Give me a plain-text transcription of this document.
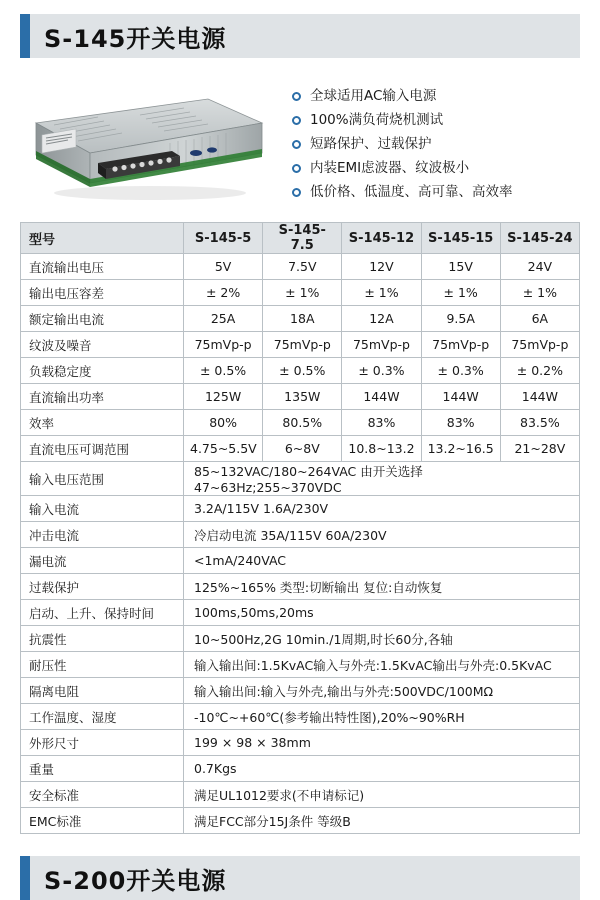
S-145开关电源
全球适用AC输入电源
100%满负荷烧机测试
短路保护、过载保护
内装EMI虑波器、纹波极小
低价格、低温度、高可靠、高效率
型号	S-145-5	S-145-7.5	S-145-12	S-145-15	S-145-24
直流输出电压	5V	7.5V	12V	15V	24V
输出电压容差	± 2%	± 1%	± 1%	± 1%	± 1%
额定输出电流	25A	18A	12A	9.5A	6A
纹波及噪音	75mVp-p	75mVp-p	75mVp-p	75mVp-p	75mVp-p
负载稳定度	± 0.5%	± 0.5%	± 0.3%	± 0.3%	± 0.2%
直流输出功率	125W	135W	144W	144W	144W
效率	80%	80.5%	83%	83%	83.5%
直流电压可调范围	4.75~5.5V	6~8V	10.8~13.2	13.2~16.5	21~28V
输入电压范围	85~132VAC/180~264VAC 由开关选择 47~63Hz;255~370VDC				
输入电流	3.2A/115V 1.6A/230V				
冲击电流	冷启动电流 35A/115V 60A/230V				
漏电流	<1mA/240VAC				
过载保护	125%~165% 类型:切断输出 复位:自动恢复				
启动、上升、保持时间	100ms,50ms,20ms				
抗震性	10~500Hz,2G 10min./1周期,时长60分,各轴				
耐压性	输入输出间:1.5KvAC输入与外壳:1.5KvAC输出与外壳:0.5KvAC				
隔离电阻	输入输出间:输入与外壳,输出与外壳:500VDC/100MΩ				
工作温度、湿度	-10℃~+60℃(参考输出特性图),20%~90%RH				
外形尺寸	199 × 98 × 38mm				
重量	0.7Kgs				
安全标准	满足UL1012要求(不申请标记)				
EMC标准	满足FCC部分15J条件 等级B				
S-200开关电源
